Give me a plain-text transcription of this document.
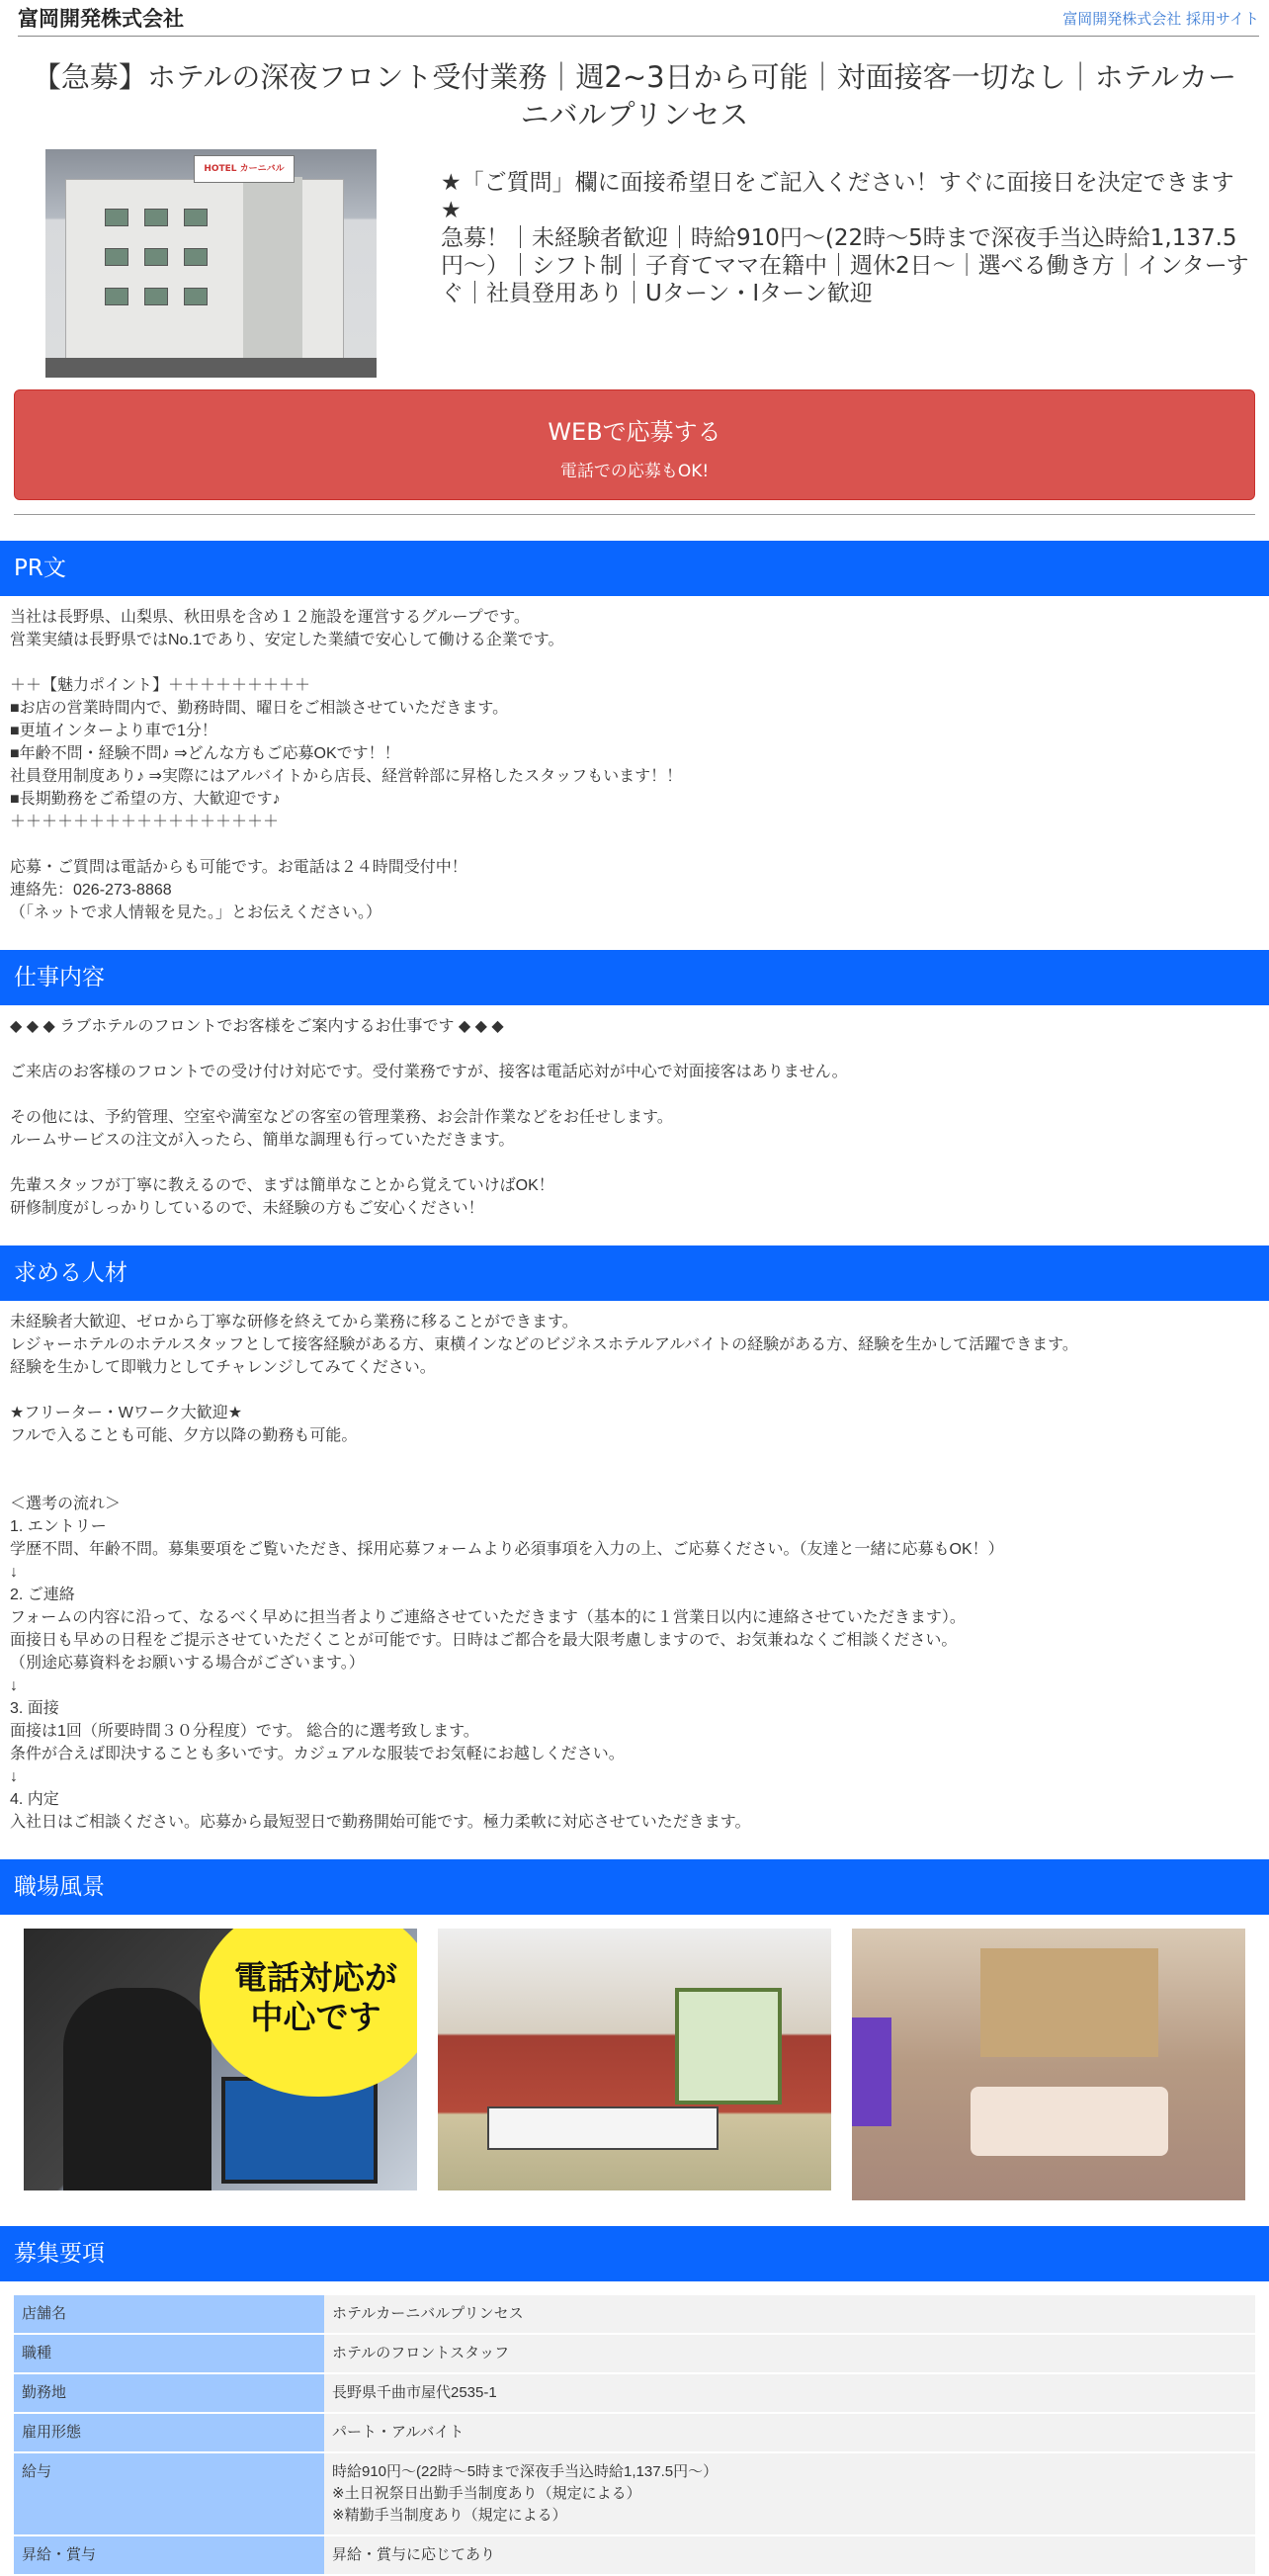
富岡開発株式会社	富岡開発株式会社 採用サイト
【急募】ホテルの深夜フロント受付業務｜週2~3日から可能｜対面接客一切なし｜ホテルカーニバルプリンセス
HOTEL カーニバル
★「ご質問」欄に面接希望日をご記入ください！すぐに面接日を決定できます★
急募！｜未経験者歓迎｜時給910円～(22時～5時まで深夜手当込時給1,137.5円～）｜シフト制｜子育てママ在籍中｜週休2日～｜選べる働き方｜インターすぐ｜社員登用あり｜Uターン・Iターン歓迎
WEBで応募する
電話での応募もOK!
PR文
当社は長野県、山梨県、秋田県を含め１２施設を運営するグループです。
営業実績は長野県ではNo.1であり、安定した業績で安心して働ける企業です。

＋＋【魅力ポイント】＋＋＋＋＋＋＋＋＋
■お店の営業時間内で、勤務時間、曜日をご相談させていただきます。
■更埴インターより車で1分！
■年齢不問・経験不問♪ ⇒どんな方もご応募OKです！！
社員登用制度あり♪ ⇒実際にはアルバイトから店長、経営幹部に昇格したスタッフもいます！！
■長期勤務をご希望の方、大歓迎です♪
＋＋＋＋＋＋＋＋＋＋＋＋＋＋＋＋＋

応募・ご質問は電話からも可能です。お電話は２４時間受付中！
連絡先：026-273-8868
（「ネットで求人情報を見た。」とお伝えください。）
仕事内容
◆ ◆ ◆ ラブホテルのフロントでお客様をご案内するお仕事です ◆ ◆ ◆

ご来店のお客様のフロントでの受け付け対応です。受付業務ですが、接客は電話応対が中心で対面接客はありません。

その他には、予約管理、空室や満室などの客室の管理業務、お会計作業などをお任せします。
ルームサービスの注文が入ったら、簡単な調理も行っていただきます。

先輩スタッフが丁寧に教えるので、まずは簡単なことから覚えていけばOK！
研修制度がしっかりしているので、未経験の方もご安心ください！
求める人材
未経験者大歓迎、ゼロから丁寧な研修を終えてから業務に移ることができます。
レジャーホテルのホテルスタッフとして接客経験がある方、東横インなどのビジネスホテルアルバイトの経験がある方、経験を生かして活躍できます。
経験を生かして即戦力としてチャレンジしてみてください。

★フリーター・Wワーク大歓迎★
フルで入ることも可能、夕方以降の勤務も可能。

＜選考の流れ＞
1. エントリー
学歴不問、年齢不問。募集要項をご覧いただき、採用応募フォームより必須事項を入力の上、ご応募ください。（友達と一緒に応募もOK！）
↓
2. ご連絡
フォームの内容に沿って、なるべく早めに担当者よりご連絡させていただきます（基本的に１営業日以内に連絡させていただきます）。
面接日も早めの日程をご提示させていただくことが可能です。日時はご都合を最大限考慮しますので、お気兼ねなくご相談ください。
（別途応募資料をお願いする場合がございます。）
↓
3. 面接
面接は1回（所要時間３０分程度）です。 総合的に選考致します。
条件が合えば即決することも多いです。カジュアルな服装でお気軽にお越しください。
↓
4. 内定
入社日はご相談ください。応募から最短翌日で勤務開始可能です。極力柔軟に対応させていただきます。
職場風景
電話対応が
中心です
募集要項
店舗名	ホテルカーニバルプリンセス
職種	ホテルのフロントスタッフ
勤務地	長野県千曲市屋代2535-1
雇用形態	パート・アルバイト
給与	時給910円～(22時～5時まで深夜手当込時給1,137.5円〜）
※土日祝祭日出勤手当制度あり（規定による）
※精勤手当制度あり（規定による）
昇給・賞与	昇給・賞与に応じてあり
